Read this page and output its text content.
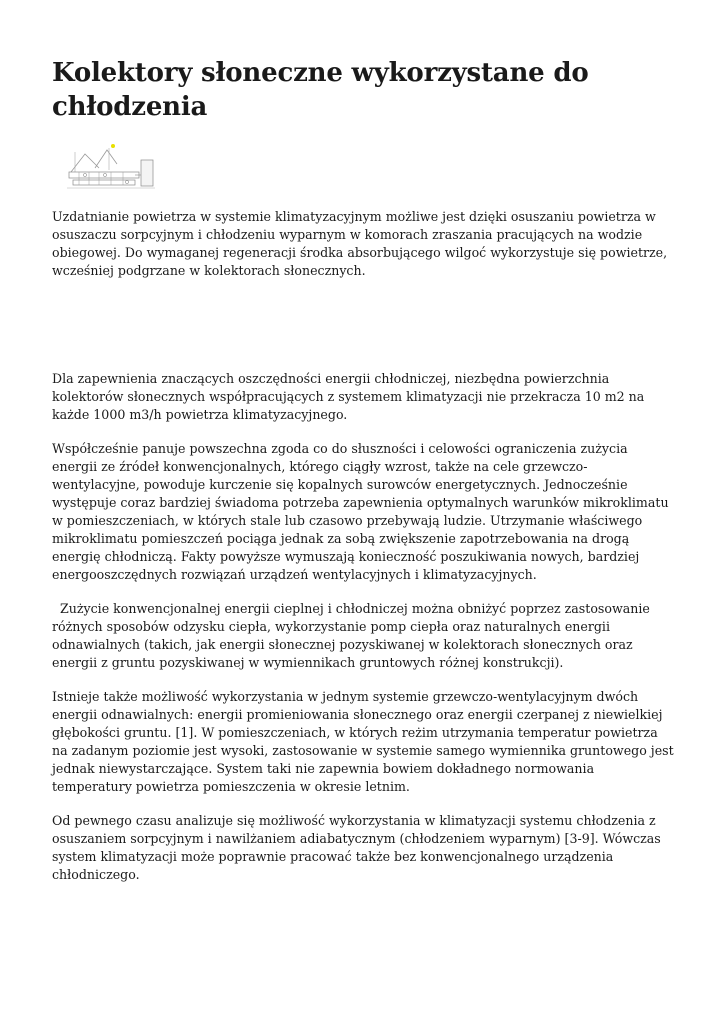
Kolektory słoneczne wykorzystane do chłodzenia

Uzdatnianie powietrza w systemie klimatyzacyjnym możliwe jest dzięki osuszaniu powietrza w osuszaczu sorpcyjnym i chłodzeniu wyparnym w komorach zraszania pracujących na wodzie obiegowej. Do wymaganej regeneracji środka absorbującego wilgoć wykorzystuje się powietrze, wcześniej podgrzane w kolektorach słonecznych.

Dla zapewnienia znaczących oszczędności energii chłodniczej, niezbędna powierzchnia kolektorów słonecznych współpracujących z systemem klimatyzacji nie przekracza 10 m2 na każde 1000 m3/h powietrza klimatyzacyjnego.

Współcześnie panuje powszechna zgoda co do słuszności i celowości ograniczenia zużycia energii ze źródeł konwencjonalnych, którego ciągły wzrost, także na cele grzewczo-wentylacyjne, powoduje kurczenie się kopalnych surowców energetycznych. Jednocześnie występuje coraz bardziej świadoma potrzeba zapewnienia optymalnych warunków mikroklimatu w pomieszczeniach, w których stale lub czasowo przebywają ludzie. Utrzymanie właściwego mikroklimatu pomieszczeń pociąga jednak za sobą zwiększenie zapotrzebowania na drogą energię chłodniczą. Fakty powyższe wymuszają konieczność poszukiwania nowych, bardziej energooszczędnych rozwiązań urządzeń wentylacyjnych i klimatyzacyjnych.

Zużycie konwencjonalnej energii cieplnej i chłodniczej można obniżyć poprzez zastosowanie różnych sposobów odzysku ciepła, wykorzystanie pomp ciepła oraz naturalnych energii odnawialnych (takich, jak energii słonecznej pozyskiwanej w kolektorach słonecznych oraz energii z gruntu pozyskiwanej w wymiennikach gruntowych różnej konstrukcji).

Istnieje także możliwość wykorzystania w jednym systemie grzewczo-wentylacyjnym dwóch energii odnawialnych: energii promieniowania słonecznego oraz energii czerpanej z niewielkiej głębokości gruntu. [1]. W pomieszczeniach, w których reżim utrzymania temperatur powietrza na zadanym poziomie jest wysoki, zastosowanie w systemie samego wymiennika gruntowego jest jednak niewystarczające. System taki nie zapewnia bowiem dokładnego normowania temperatury powietrza pomieszczenia w okresie letnim.

Od pewnego czasu analizuje się możliwość wykorzystania w klimatyzacji systemu chłodzenia z osuszaniem sorpcyjnym i nawilżaniem adiabatycznym (chłodzeniem wyparnym) [3-9]. Wówczas system klimatyzacji może poprawnie pracować także bez konwencjonalnego urządzenia chłodniczego.
